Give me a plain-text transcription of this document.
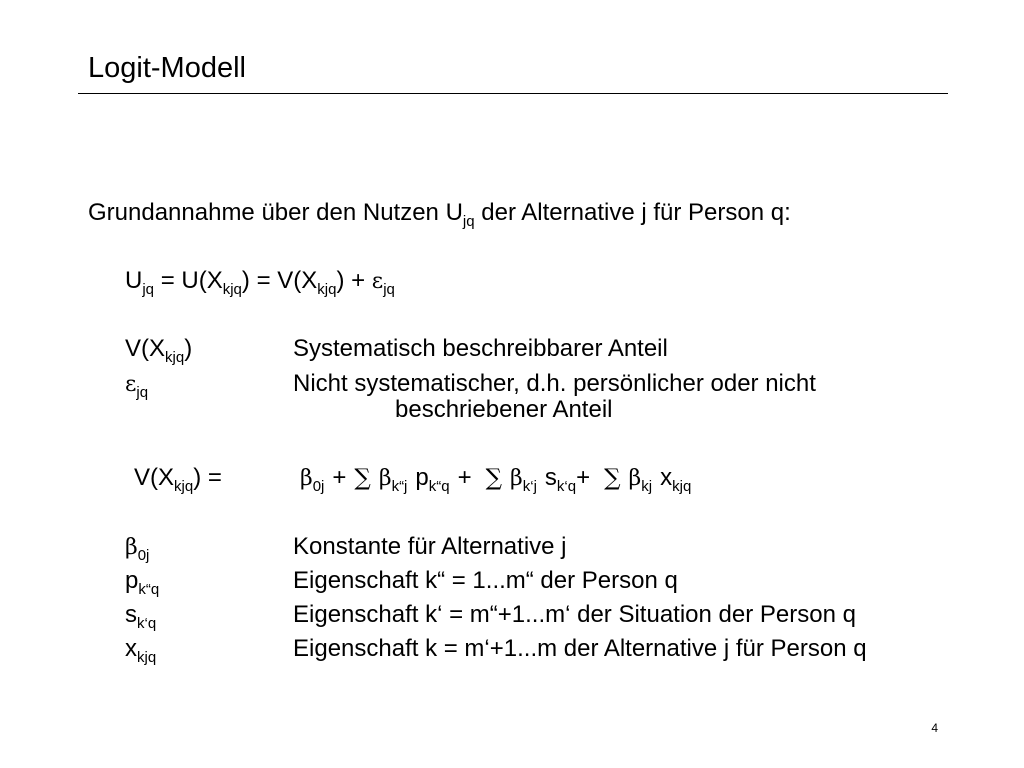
Logit-Modell
Grundannahme über den Nutzen $U_{jq}$ der Alternative j für Person q:
$U_{jq} = U(X_{kjq}) = V(X_{kjq}) + \varepsilon_{jq}$
$V(X_{kjq})$	Systematisch beschreibbarer Anteil
$\varepsilon_{jq}$	Nicht systematischer, d.h. persönlicher oder nicht
beschriebener Anteil
$V(X_{kjq})$ =	$\beta_{0j}$ + ∑ $\beta_{k“j}$ $p_{k“q}$ + ∑ $\beta_{k‘j}$ $s_{k‘q}+$ ∑ $\beta_{kj}$ $x_{kjq}$
$\beta_{0j}$	Konstante für Alternative j
$p_{k“q}$	Eigenschaft k“ = 1...m“ der Person q
$s_{k‘q}$	Eigenschaft k‘ = m“+1...m‘ der Situation der Person q
$x_{kjq}$	Eigenschaft k = m‘+1...m der Alternative j für Person q
4
